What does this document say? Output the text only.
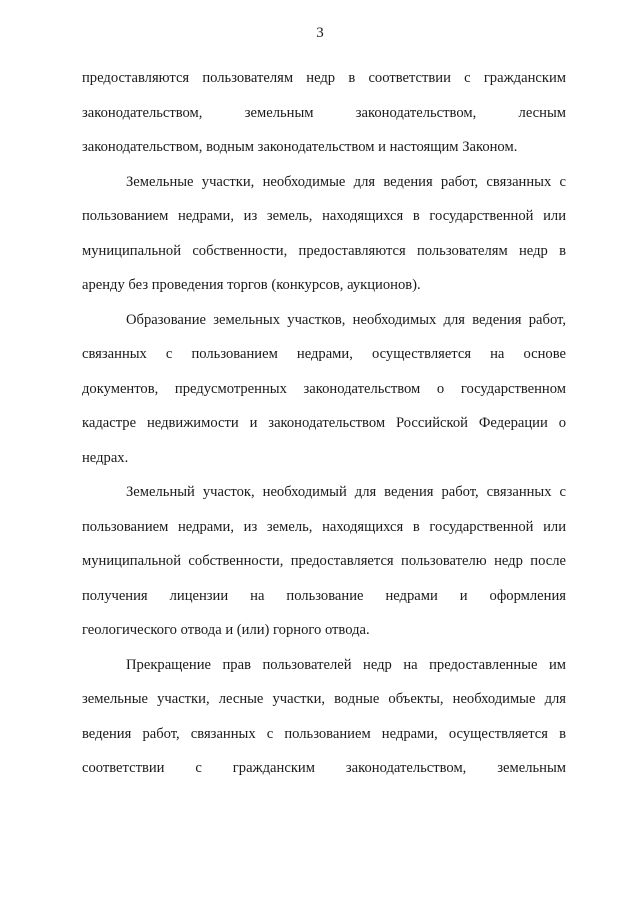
3
предоставляются пользователям недр в соответствии с гражданским
законодательством, земельным законодательством, лесным
законодательством, водным законодательством и настоящим Законом.
Земельные участки, необходимые для ведения работ, связанных с
пользованием недрами, из земель, находящихся в государственной или
муниципальной собственности, предоставляются пользователям недр в
аренду без проведения торгов (конкурсов, аукционов).
Образование земельных участков, необходимых для ведения работ,
связанных с пользованием недрами, осуществляется на основе
документов, предусмотренных законодательством о государственном
кадастре недвижимости и законодательством Российской Федерации о
недрах.
Земельный участок, необходимый для ведения работ, связанных с
пользованием недрами, из земель, находящихся в государственной или
муниципальной собственности, предоставляется пользователю недр после
получения лицензии на пользование недрами и оформления
геологического отвода и (или) горного отвода.
Прекращение прав пользователей недр на предоставленные им
земельные участки, лесные участки, водные объекты, необходимые для
ведения работ, связанных с пользованием недрами, осуществляется в
соответствии с гражданским законодательством, земельным
